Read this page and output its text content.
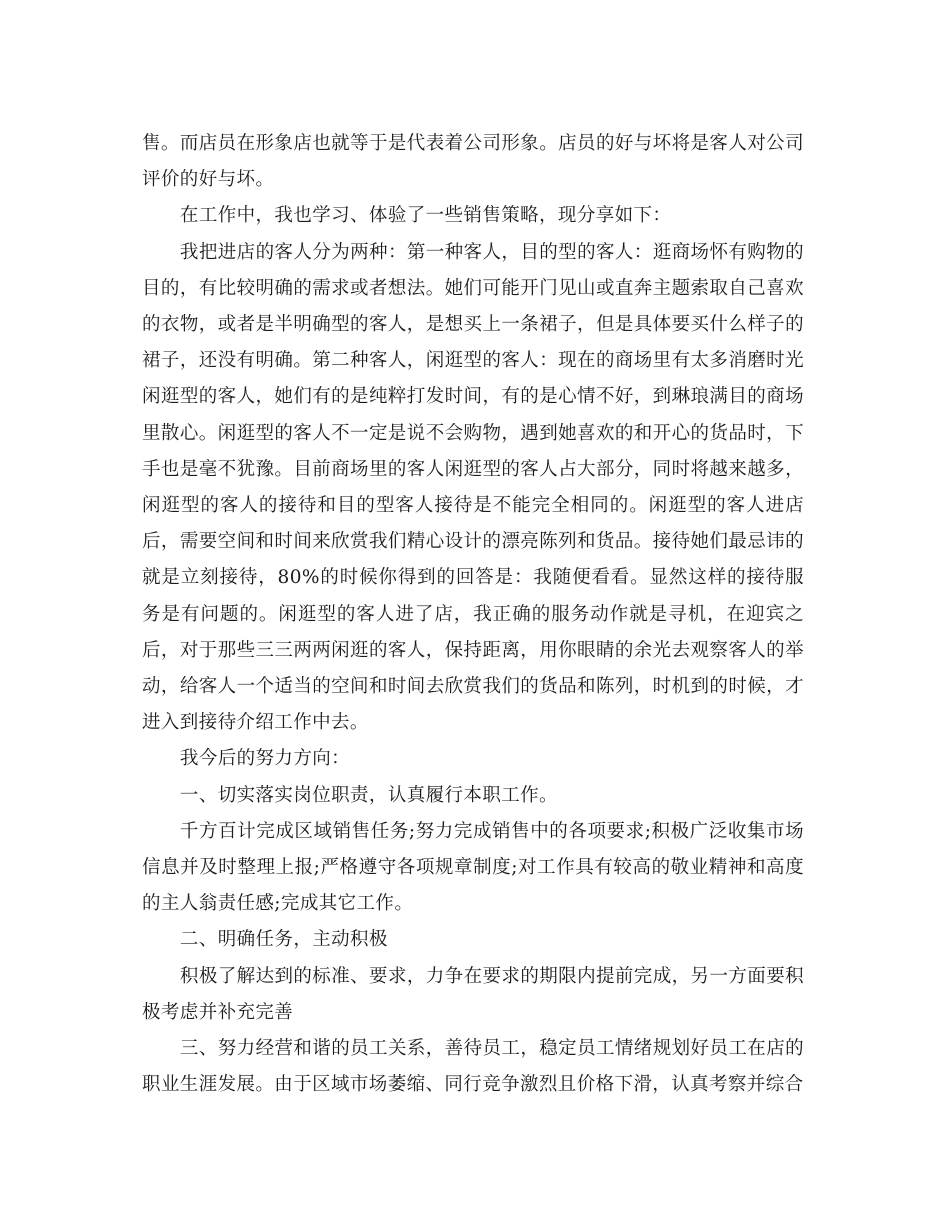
售。而店员在形象店也就等于是代表着公司形象。店员的好与坏将是客人对公司评价的好与坏。

在工作中，我也学习、体验了一些销售策略，现分享如下：

我把进店的客人分为两种：第一种客人，目的型的客人：逛商场怀有购物的目的，有比较明确的需求或者想法。她们可能开门见山或直奔主题索取自己喜欢的衣物，或者是半明确型的客人，是想买上一条裙子，但是具体要买什么样子的裙子，还没有明确。第二种客人，闲逛型的客人：现在的商场里有太多消磨时光闲逛型的客人，她们有的是纯粹打发时间，有的是心情不好，到琳琅满目的商场里散心。闲逛型的客人不一定是说不会购物，遇到她喜欢的和开心的货品时，下手也是毫不犹豫。目前商场里的客人闲逛型的客人占大部分，同时将越来越多，闲逛型的客人的接待和目的型客人接待是不能完全相同的。闲逛型的客人进店后，需要空间和时间来欣赏我们精心设计的漂亮陈列和货品。接待她们最忌讳的就是立刻接待，80%的时候你得到的回答是：我随便看看。显然这样的接待服务是有问题的。闲逛型的客人进了店，我正确的服务动作就是寻机，在迎宾之后，对于那些三三两两闲逛的客人，保持距离，用你眼睛的余光去观察客人的举动，给客人一个适当的空间和时间去欣赏我们的货品和陈列，时机到的时候，才进入到接待介绍工作中去。

我今后的努力方向：

一、切实落实岗位职责，认真履行本职工作。

千方百计完成区域销售任务;努力完成销售中的各项要求;积极广泛收集市场信息并及时整理上报;严格遵守各项规章制度;对工作具有较高的敬业精神和高度的主人翁责任感;完成其它工作。

二、明确任务，主动积极

积极了解达到的标准、要求，力争在要求的期限内提前完成，另一方面要积极考虑并补充完善

三、努力经营和谐的员工关系，善待员工，稳定员工情绪规划好员工在店的职业生涯发展。由于区域市场萎缩、同行竞争激烈且价格下滑，认真考察并综合
